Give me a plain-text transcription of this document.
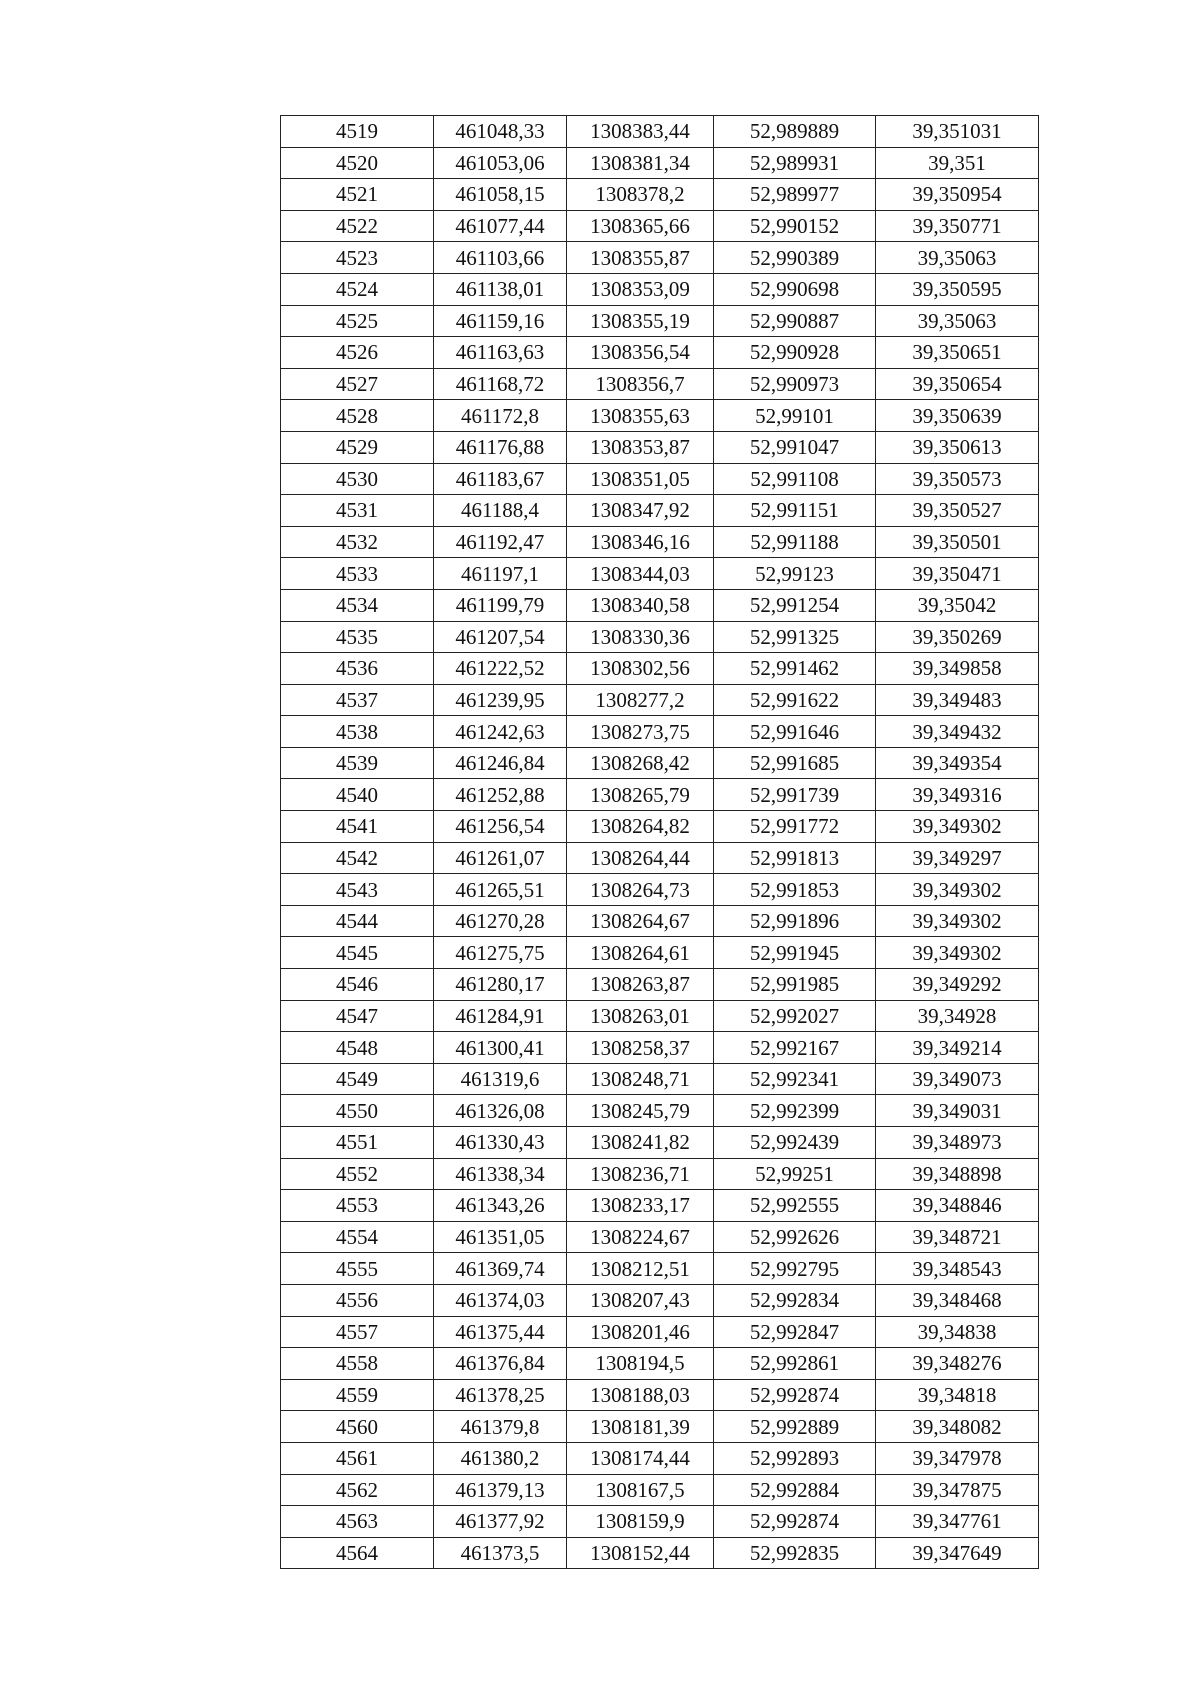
4519	461048,33	1308383,44	52,989889	39,351031
4520	461053,06	1308381,34	52,989931	39,351
4521	461058,15	1308378,2	52,989977	39,350954
4522	461077,44	1308365,66	52,990152	39,350771
4523	461103,66	1308355,87	52,990389	39,35063
4524	461138,01	1308353,09	52,990698	39,350595
4525	461159,16	1308355,19	52,990887	39,35063
4526	461163,63	1308356,54	52,990928	39,350651
4527	461168,72	1308356,7	52,990973	39,350654
4528	461172,8	1308355,63	52,99101	39,350639
4529	461176,88	1308353,87	52,991047	39,350613
4530	461183,67	1308351,05	52,991108	39,350573
4531	461188,4	1308347,92	52,991151	39,350527
4532	461192,47	1308346,16	52,991188	39,350501
4533	461197,1	1308344,03	52,99123	39,350471
4534	461199,79	1308340,58	52,991254	39,35042
4535	461207,54	1308330,36	52,991325	39,350269
4536	461222,52	1308302,56	52,991462	39,349858
4537	461239,95	1308277,2	52,991622	39,349483
4538	461242,63	1308273,75	52,991646	39,349432
4539	461246,84	1308268,42	52,991685	39,349354
4540	461252,88	1308265,79	52,991739	39,349316
4541	461256,54	1308264,82	52,991772	39,349302
4542	461261,07	1308264,44	52,991813	39,349297
4543	461265,51	1308264,73	52,991853	39,349302
4544	461270,28	1308264,67	52,991896	39,349302
4545	461275,75	1308264,61	52,991945	39,349302
4546	461280,17	1308263,87	52,991985	39,349292
4547	461284,91	1308263,01	52,992027	39,34928
4548	461300,41	1308258,37	52,992167	39,349214
4549	461319,6	1308248,71	52,992341	39,349073
4550	461326,08	1308245,79	52,992399	39,349031
4551	461330,43	1308241,82	52,992439	39,348973
4552	461338,34	1308236,71	52,99251	39,348898
4553	461343,26	1308233,17	52,992555	39,348846
4554	461351,05	1308224,67	52,992626	39,348721
4555	461369,74	1308212,51	52,992795	39,348543
4556	461374,03	1308207,43	52,992834	39,348468
4557	461375,44	1308201,46	52,992847	39,34838
4558	461376,84	1308194,5	52,992861	39,348276
4559	461378,25	1308188,03	52,992874	39,34818
4560	461379,8	1308181,39	52,992889	39,348082
4561	461380,2	1308174,44	52,992893	39,347978
4562	461379,13	1308167,5	52,992884	39,347875
4563	461377,92	1308159,9	52,992874	39,347761
4564	461373,5	1308152,44	52,992835	39,347649
